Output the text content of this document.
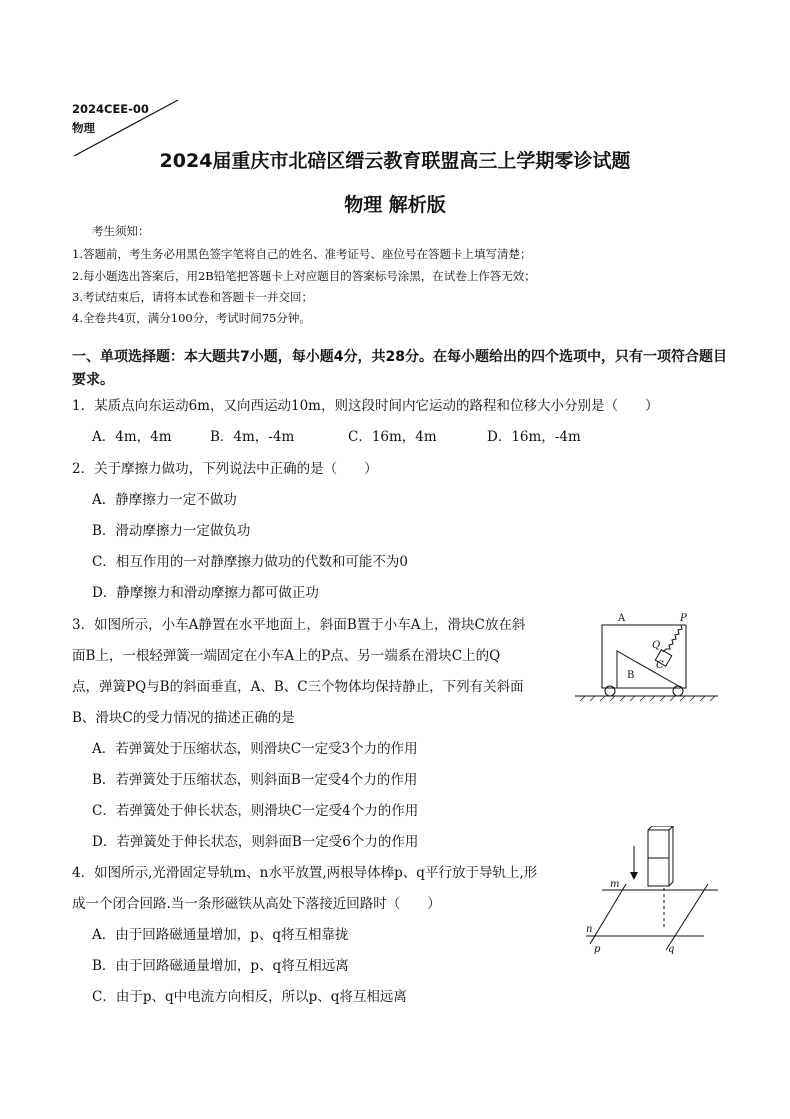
2024CEE-00
物理
2024届重庆市北碚区缙云教育联盟高三上学期零诊试题
物理 解析版
考生须知：
1.答题前，考生务必用黑色签字笔将自己的姓名、准考证号、座位号在答题卡上填写清楚；
2.每小题选出答案后，用2B铅笔把答题卡上对应题目的答案标号涂黑，在试卷上作答无效；
3.考试结束后，请将本试卷和答题卡一并交回；
4.全卷共4页，满分100分，考试时间75分钟。
一、单项选择题：本大题共7小题，每小题4分，共28分。在每小题给出的四个选项中，只有一项符合题目要求。
1．某质点向东运动6m，又向西运动10m，则这段时间内它运动的路程和位移大小分别是（　　）
A．4m，4m	B．4m，-4m	C．16m，4m	D．16m，-4m
2．关于摩擦力做功，下列说法中正确的是（　　）
A．静摩擦力一定不做功
B．滑动摩擦力一定做负功
C．相互作用的一对静摩擦力做功的代数和可能不为0
D．静摩擦力和滑动摩擦力都可做正功
3．如图所示，小车A静置在水平地面上，斜面B置于小车A上，滑块C放在斜
面B上，一根轻弹簧一端固定在小车A上的P点、另一端系在滑块C上的Q
点，弹簧PQ与B的斜面垂直，A、B、C三个物体均保持静止，下列有关斜面
B、滑块C的受力情况的描述正确的是
A．若弹簧处于压缩状态，则滑块C一定受3个力的作用
B．若弹簧处于压缩状态，则斜面B一定受4个力的作用
C．若弹簧处于伸长状态，则滑块C一定受4个力的作用
D．若弹簧处于伸长状态，则斜面B一定受6个力的作用
A	P
Q
B
C
4．如图所示,光滑固定导轨m、n水平放置,两根导体棒p、q平行放于导轨上,形
成一个闭合回路.当一条形磁铁从高处下落接近回路时（　　）
A．由于回路磁通量增加，p、q将互相靠拢
B．由于回路磁通量增加，p、q将互相远离
C．由于p、q中电流方向相反，所以p、q将互相远离
m
n
p	q
